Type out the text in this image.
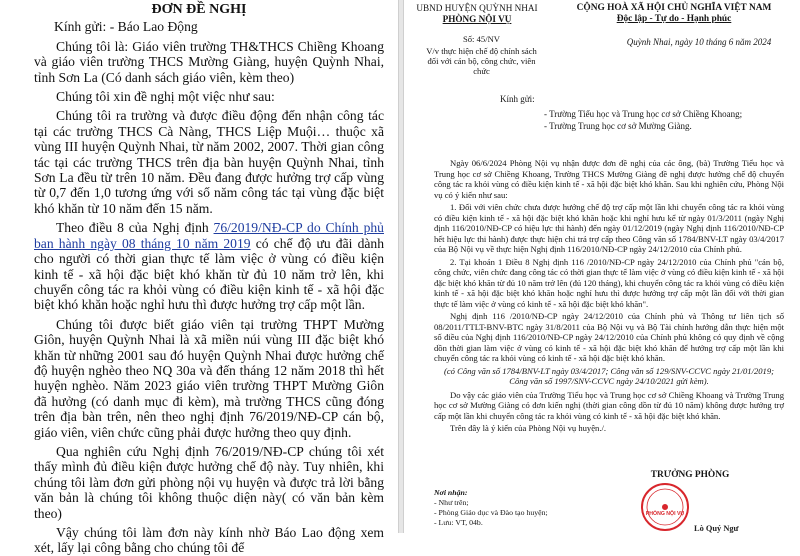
ĐƠN ĐỀ NGHỊ
Kính gửi: - Báo Lao Động

Chúng tôi là: Giáo viên trường TH&THCS Chiềng Khoang và giáo viên trường THCS Mường Giàng, huyện Quỳnh Nhai, tỉnh Sơn La (Có danh sách giáo viên, kèm theo)

Chúng tôi xin đề nghị một việc như sau:

Chúng tôi ra trường và được điều động đến nhận công tác tại các trường THCS Cà Nàng, THCS Liệp Muội… thuộc xã vùng III huyện Quỳnh Nhai, từ năm 2002, 2007. Thời gian công tác tại các trường THCS trên địa bàn huyện Quỳnh Nhai, tỉnh Sơn La đều từ trên 10 năm. Đều đang được hưởng trợ cấp vùng từ 0,7 đến 1,0 tương ứng với số năm công tác tại vùng đặc biệt khó khăn từ 10 năm đến 15 năm.

Theo điều 8 của Nghị định 76/2019/NĐ-CP do Chính phủ ban hành ngày 08 tháng 10 năm 2019 có chế độ ưu đãi dành cho người có thời gian thực tế làm việc ở vùng có điều kiện kinh tế - xã hội đặc biệt khó khăn từ đủ 10 năm trở lên, khi chuyển công tác ra khỏi vùng có điều kiện kinh tế - xã hội đặc biệt khó khăn hoặc nghỉ hưu thì được hưởng trợ cấp một lần.

Chúng tôi được biết giáo viên tại trường THPT Mường Giôn, huyện Quỳnh Nhai là xã miền núi vùng III đặc biệt khó khăn từ những 2001 sau đó huyện Quỳnh Nhai được hưởng chế độ huyện nghèo theo NQ 30a và đến tháng 12 năm 2018 thì hết huyện nghèo. Năm 2023 giáo viên trường THPT Mường Giôn đã hưởng (có danh mục đi kèm), mà trường THCS cũng đóng trên địa bàn trên, nên theo nghị định 76/2019/NĐ-CP cán bộ, giáo viên, viên chức cũng phải được hưởng theo quy định.

Qua nghiên cứu Nghị định 76/2019/NĐ-CP chúng tôi xét thấy mình đủ điều kiện được hưởng chế độ này. Tuy nhiên, khi chúng tôi làm đơn gửi phòng nội vụ huyện và được trả lời bằng văn bản là chúng tôi không thuộc diện này( có văn bản kèm theo)

Vậy chúng tôi làm đơn này kính nhờ Báo Lao động xem xét, lấy lại công bằng cho chúng tôi để

UBND HUYỆN QUỲNH NHAI
PHÒNG NỘI VỤ
CỘNG HOÀ XÃ HỘI CHỦ NGHĨA VIỆT NAM
Độc lập - Tự do - Hạnh phúc
Số: 45/NV
V/v thực hiện chế độ chính sách đối với cán bộ, công chức, viên chức
Quỳnh Nhai, ngày 10 tháng 6 năm 2024
Kính gửi:
- Trường Tiểu học và Trung học cơ sở Chiềng Khoang;
- Trường Trung học cơ sở Mường Giàng.

Ngày 06/6/2024 Phòng Nội vụ nhận được đơn đề nghị của các ông, (bà) Trường Tiểu học và Trung học cơ sở Chiềng Khoang, Trường THCS Mường Giàng đề nghị được hưởng chế độ chuyển công tác ra khỏi vùng có điều kiện kinh tế - xã hội đặc biệt khó khăn. Sau khi nghiên cứu, Phòng Nội vụ có ý kiến như sau:

1. Đối với viên chức chưa được hưởng chế độ trợ cấp một lần khi chuyển công tác ra khỏi vùng có điều kiện kinh tế - xã hội đặc biệt khó khăn hoặc khi nghỉ hưu kể từ ngày 01/3/2011 (ngày Nghị định 116/2010/NĐ-CP có hiệu lực thi hành) đến ngày 01/12/2019 (ngày Nghị định 116/2010/NĐ-CP hết hiệu lực thi hành) được thực hiện chi trả trợ cấp theo Công văn số 1784/BNV-LT ngày 03/4/2017 của Bộ Nội vụ về thực hiện Nghị định 116/2010/NĐ-CP ngày 24/12/2010 của Chính phủ.

2. Tại khoản 1 Điều 8 Nghị định 116 /2010/NĐ-CP ngày 24/12/2010 của Chính phủ "cán bộ, công chức, viên chức đang công tác có thời gian thực tế làm việc ở vùng có điều kiện kinh tế - xã hội đặc biệt khó khăn từ đủ 10 năm trở lên (đủ 120 tháng), khi chuyển công tác ra khỏi vùng có điều kiện kinh tế - xã hội đặc biệt khó khăn hoặc nghỉ hưu thì được hưởng trợ cấp một lần đối với thời gian thực tế làm việc ở vùng có kinh tế - xã hội đặc biệt khó khăn".

Nghị định 116 /2010/NĐ-CP ngày 24/12/2010 của Chính phủ và Thông tư liên tịch số 08/2011/TTLT-BNV-BTC ngày 31/8/2011 của Bộ Nội vụ và Bộ Tài chính hướng dẫn thực hiện một số điều của Nghị định 116/2010/NĐ-CP ngày 24/12/2010 của Chính phủ không có quy định về cộng dồn thời gian làm việc ở vùng có kinh tế - xã hội đặc biệt khó khăn để hưởng trợ cấp một lần khi chuyển công tác ra khỏi vùng có kinh tế - xã hội đặc biệt khó khăn.

(có Công văn số 1784/BNV-LT ngày 03/4/2017; Công văn số 129/SNV-CCVC ngày 21/01/2019; Công văn số 1997/SNV-CCVC ngày 24/10/2021 gửi kèm).

Do vậy các giáo viên của Trường Tiểu học và Trung học cơ sở Chiềng Khoang và Trường Trung học cơ sở Mường Giàng có đơn kiến nghị (thời gian công dồn từ đủ 10 năm) không được hưởng trợ cấp một lần khi chuyển công tác ra khỏi vùng có kinh tế - xã hội đặc biệt khó khăn.

Trên đây là ý kiến của Phòng Nội vụ huyện./.

TRƯỞNG PHÒNG
Nơi nhận:
- Như trên;
- Phòng Giáo dục và Đào tạo huyện;
- Lưu: VT, 04b.
PHÒNG NỘI VỤ
Lò Quý Ngư
